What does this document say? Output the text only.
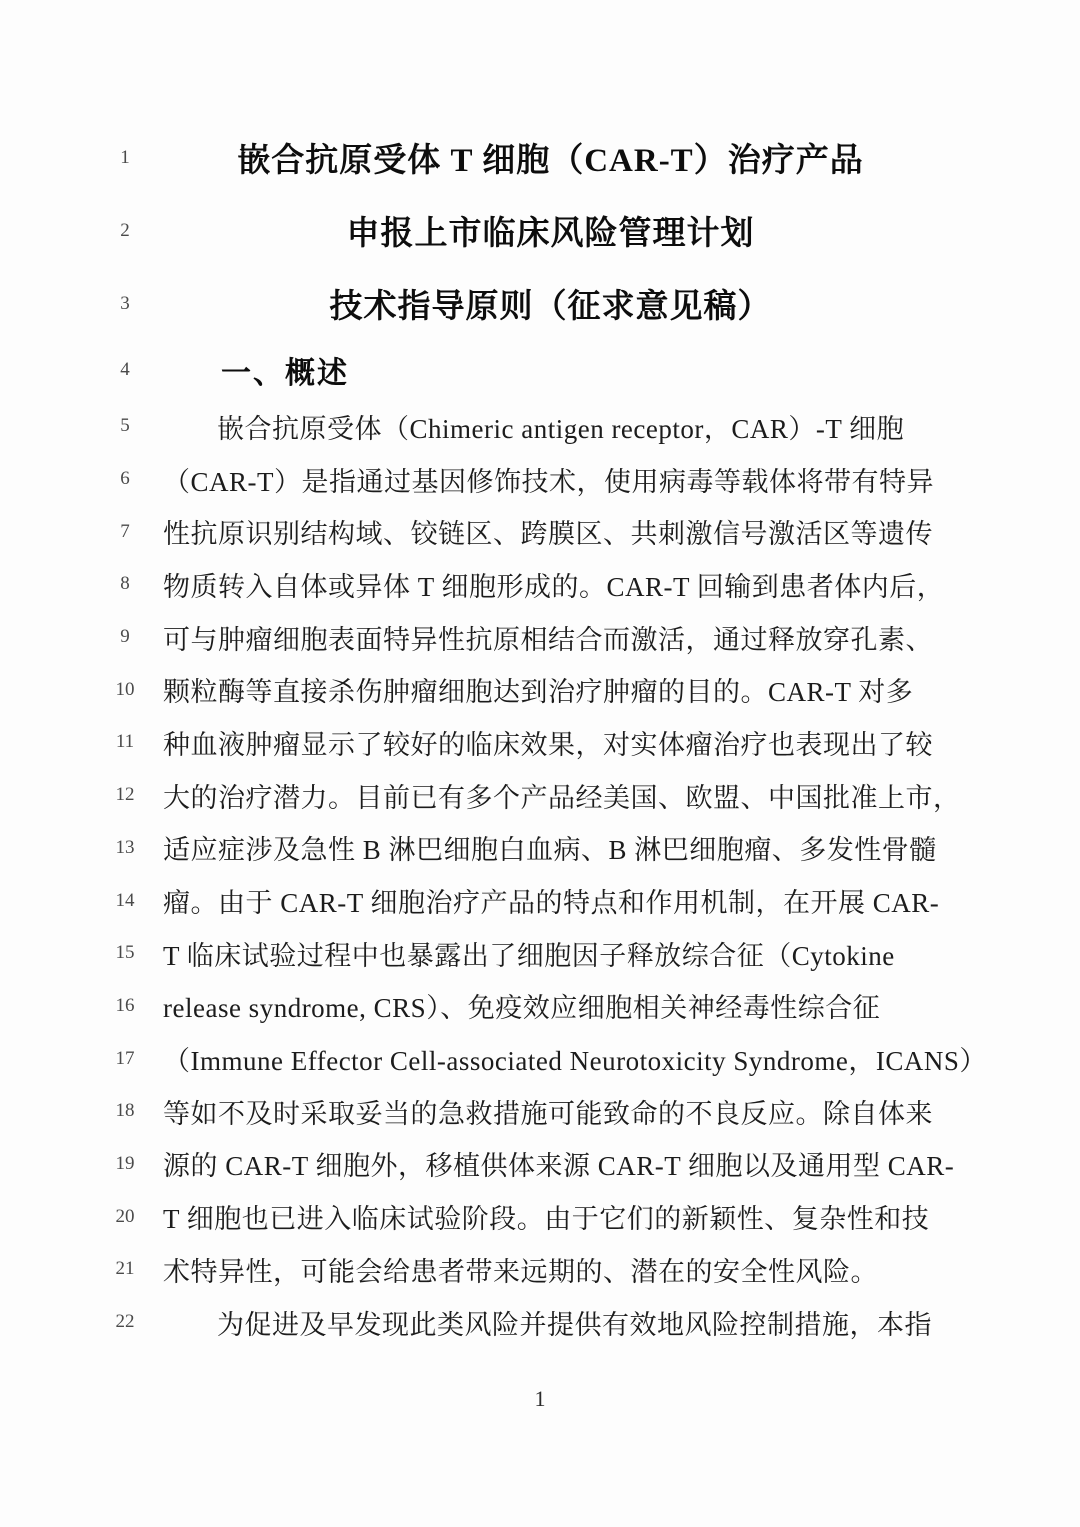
1	嵌合抗原受体 T 细胞（CAR-T）治疗产品
2	申报上市临床风险管理计划
3	技术指导原则（征求意见稿）
4	一、概述
5	嵌合抗原受体（Chimeric antigen receptor，CAR）-T 细胞
6	（CAR-T）是指通过基因修饰技术，使用病毒等载体将带有特异
7	性抗原识别结构域、铰链区、跨膜区、共刺激信号激活区等遗传
8	物质转入自体或异体 T 细胞形成的。CAR-T 回输到患者体内后，
9	可与肿瘤细胞表面特异性抗原相结合而激活，通过释放穿孔素、
10	颗粒酶等直接杀伤肿瘤细胞达到治疗肿瘤的目的。CAR-T 对多
11	种血液肿瘤显示了较好的临床效果，对实体瘤治疗也表现出了较
12	大的治疗潜力。目前已有多个产品经美国、欧盟、中国批准上市，
13	适应症涉及急性 B 淋巴细胞白血病、B 淋巴细胞瘤、多发性骨髓
14	瘤。由于 CAR-T 细胞治疗产品的特点和作用机制，在开展 CAR-
15	T 临床试验过程中也暴露出了细胞因子释放综合征（Cytokine
16	release syndrome, CRS）、免疫效应细胞相关神经毒性综合征
17	（Immune Effector Cell-associated Neurotoxicity Syndrome，ICANS）
18	等如不及时采取妥当的急救措施可能致命的不良反应。除自体来
19	源的 CAR-T 细胞外，移植供体来源 CAR-T 细胞以及通用型 CAR-
20	T 细胞也已进入临床试验阶段。由于它们的新颖性、复杂性和技
21	术特异性，可能会给患者带来远期的、潜在的安全性风险。
22	为促进及早发现此类风险并提供有效地风险控制措施，本指
1
